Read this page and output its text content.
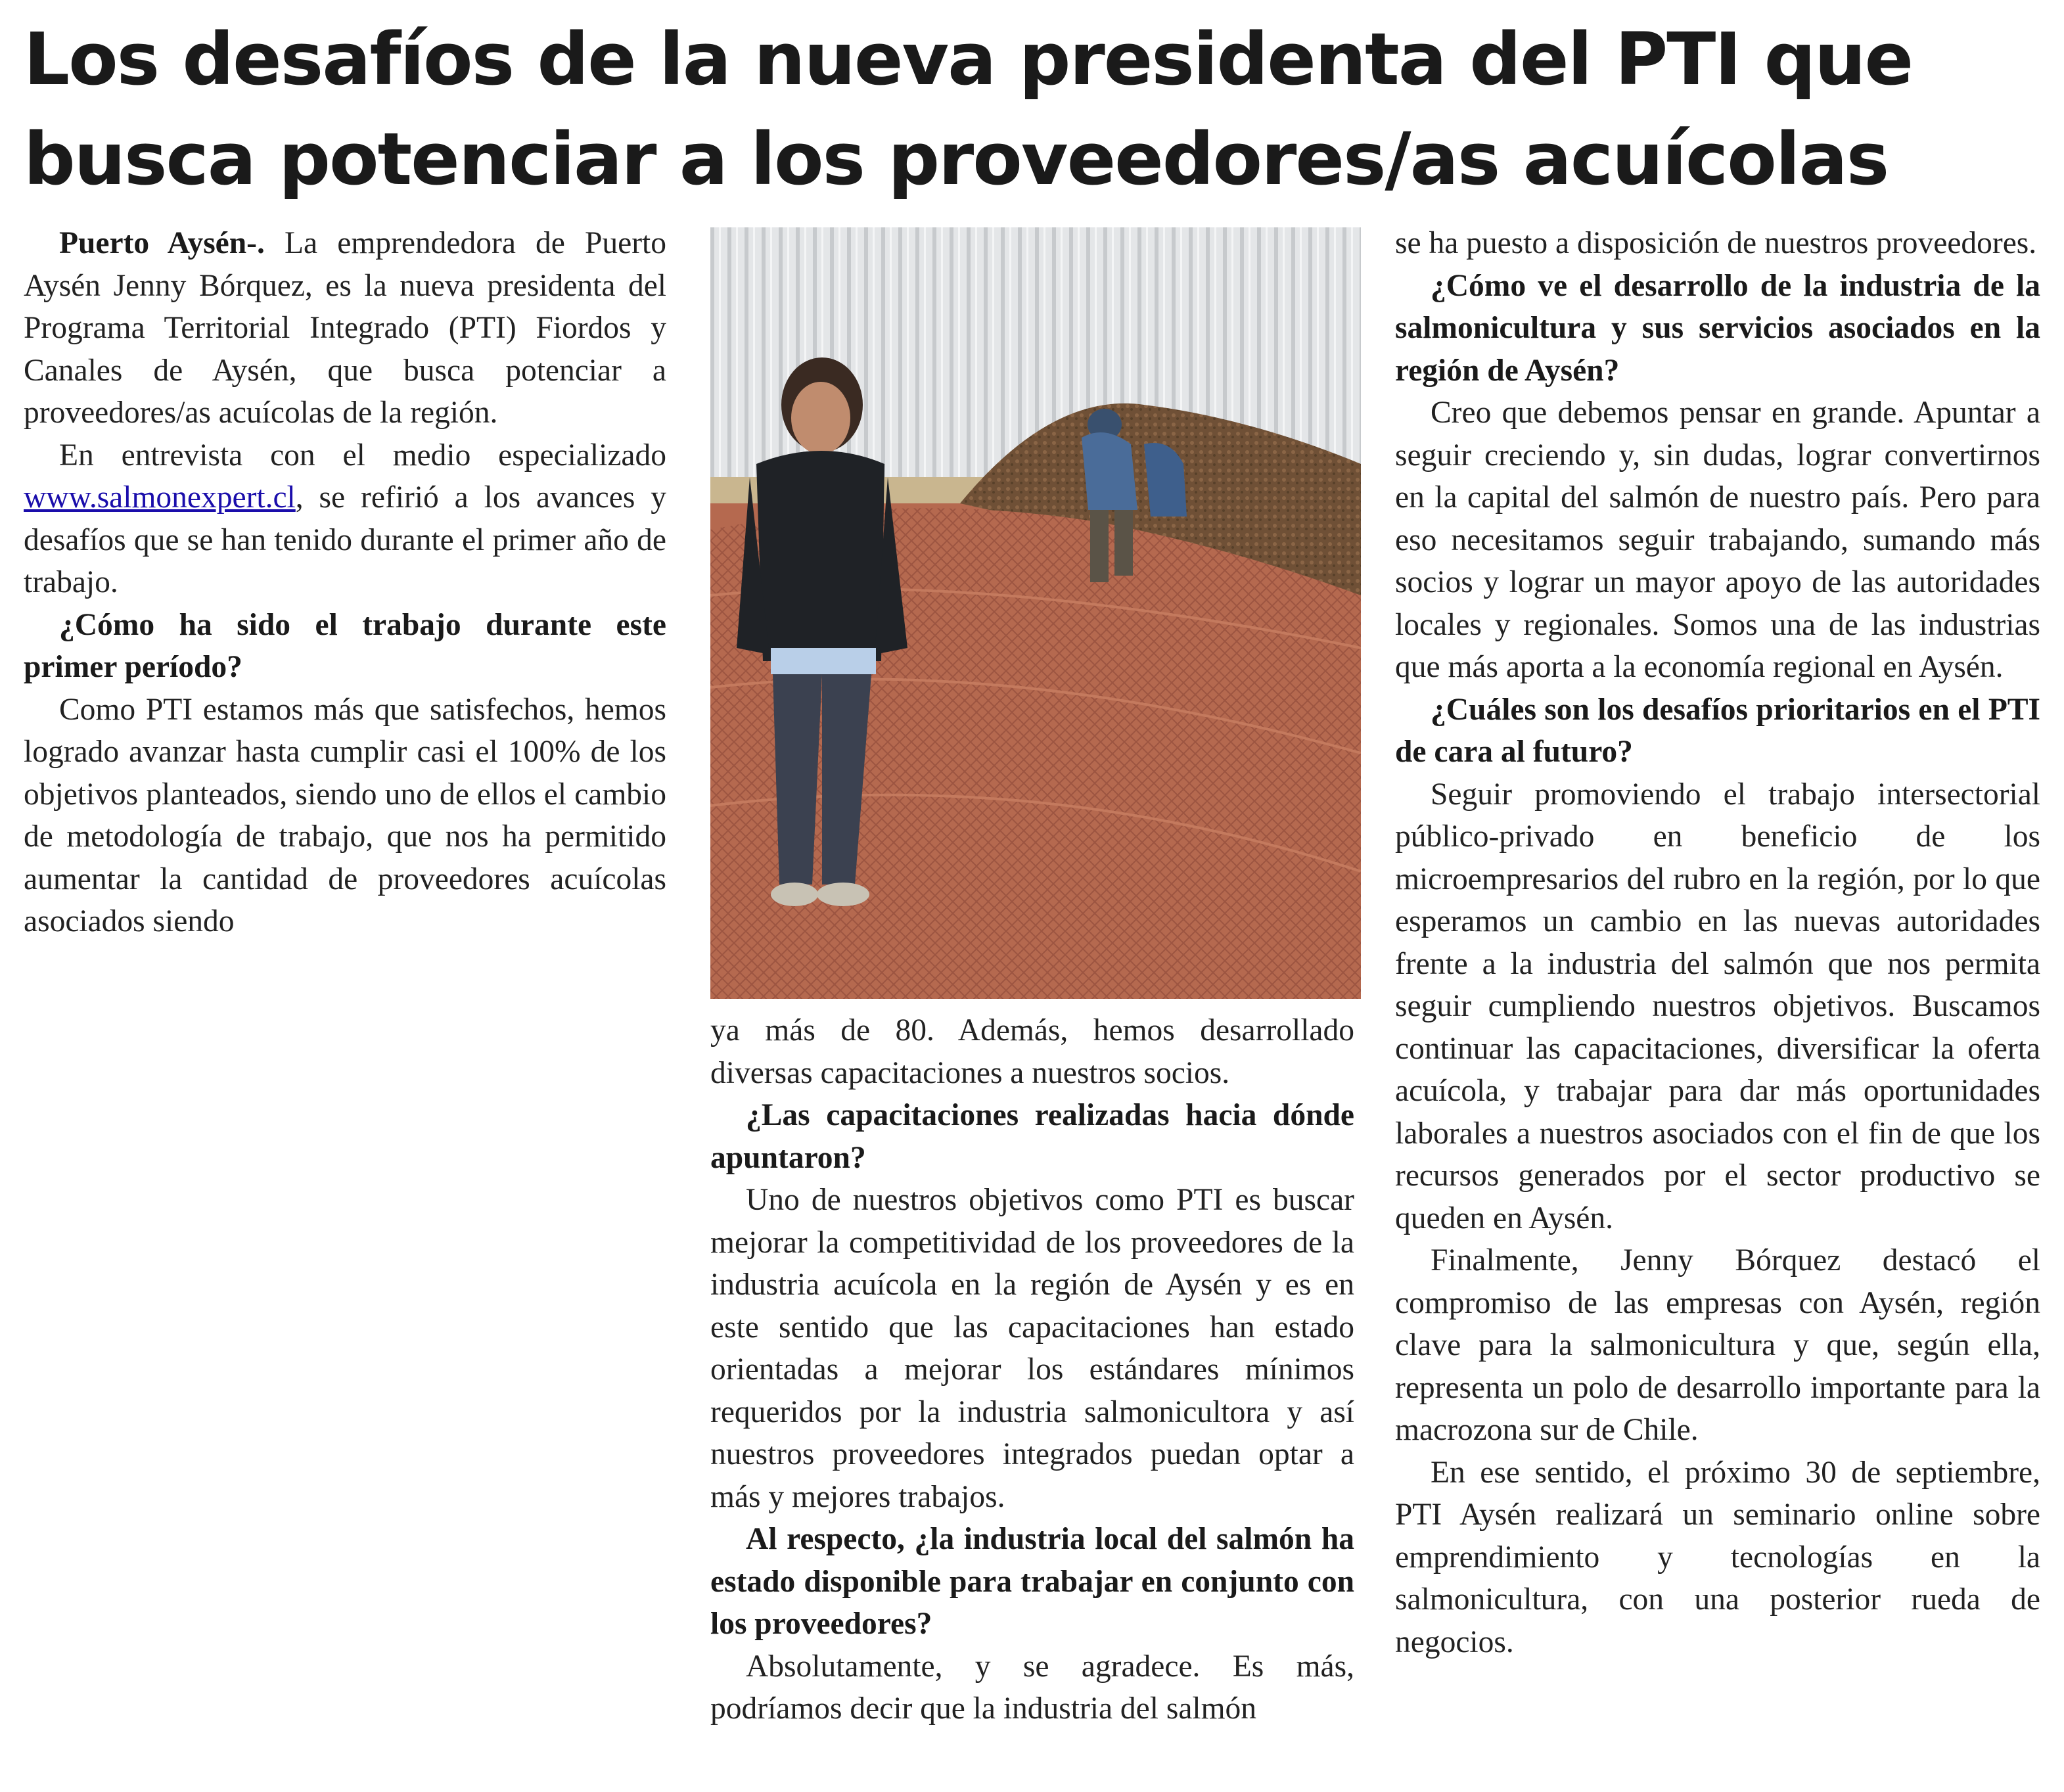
Los desafíos de la nueva presidenta del PTI que
busca potenciar a los proveedores/as acuícolas

Puerto Aysén-. La emprendedora de Puerto Aysén Jenny Bórquez, es la nueva presidenta del Programa Territorial Integrado (PTI) Fiordos y Canales de Aysén, que busca potenciar a proveedores/as acuícolas de la región.

En entrevista con el medio especializado www.salmonexpert.cl, se refirió a los avances y desafíos que se han tenido durante el primer año de trabajo.

¿Cómo ha sido el trabajo durante este primer período?

Como PTI estamos más que satisfechos, hemos logrado avanzar hasta cumplir casi el 100% de los objetivos planteados, siendo uno de ellos el cambio de metodología de trabajo, que nos ha permitido aumentar la cantidad de proveedores acuícolas asociados siendo

ya más de 80. Además, hemos desarrollado diversas capacitaciones a nuestros socios.

¿Las capacitaciones realizadas hacia dónde apuntaron?

Uno de nuestros objetivos como PTI es buscar mejorar la competitividad de los proveedores de la industria acuícola en la región de Aysén y es en este sentido que las capacitaciones han estado orientadas a mejorar los estándares mínimos requeridos por la industria salmonicultora y así nuestros proveedores integrados puedan optar a más y mejores trabajos.

Al respecto, ¿la industria local del salmón ha estado disponible para trabajar en conjunto con los proveedores?

Absolutamente, y se agradece. Es más, podríamos decir que la industria del salmón

se ha puesto a disposición de nuestros proveedores.

¿Cómo ve el desarrollo de la industria de la salmonicultura y sus servicios asociados en la región de Aysén?

Creo que debemos pensar en grande. Apuntar a seguir creciendo y, sin dudas, lograr convertirnos en la capital del salmón de nuestro país. Pero para eso necesitamos seguir trabajando, sumando más socios y lograr un mayor apoyo de las autoridades locales y regionales. Somos una de las industrias que más aporta a la economía regional en Aysén.

¿Cuáles son los desafíos prioritarios en el PTI de cara al futuro?

Seguir promoviendo el trabajo intersectorial público-privado en beneficio de los microempresarios del rubro en la región, por lo que esperamos un cambio en las nuevas autoridades frente a la industria del salmón que nos permita seguir cumpliendo nuestros objetivos. Buscamos continuar las capacitaciones, diversificar la oferta acuícola, y trabajar para dar más oportunidades laborales a nuestros asociados con el fin de que los recursos generados por el sector productivo se queden en Aysén.

Finalmente, Jenny Bórquez destacó el compromiso de las empresas con Aysén, región clave para la salmonicultura y que, según ella, representa un polo de desarrollo importante para la macrozona sur de Chile.

En ese sentido, el próximo 30 de septiembre, PTI Aysén realizará un seminario online sobre emprendimiento y tecnologías en la salmonicultura, con una posterior rueda de negocios.
